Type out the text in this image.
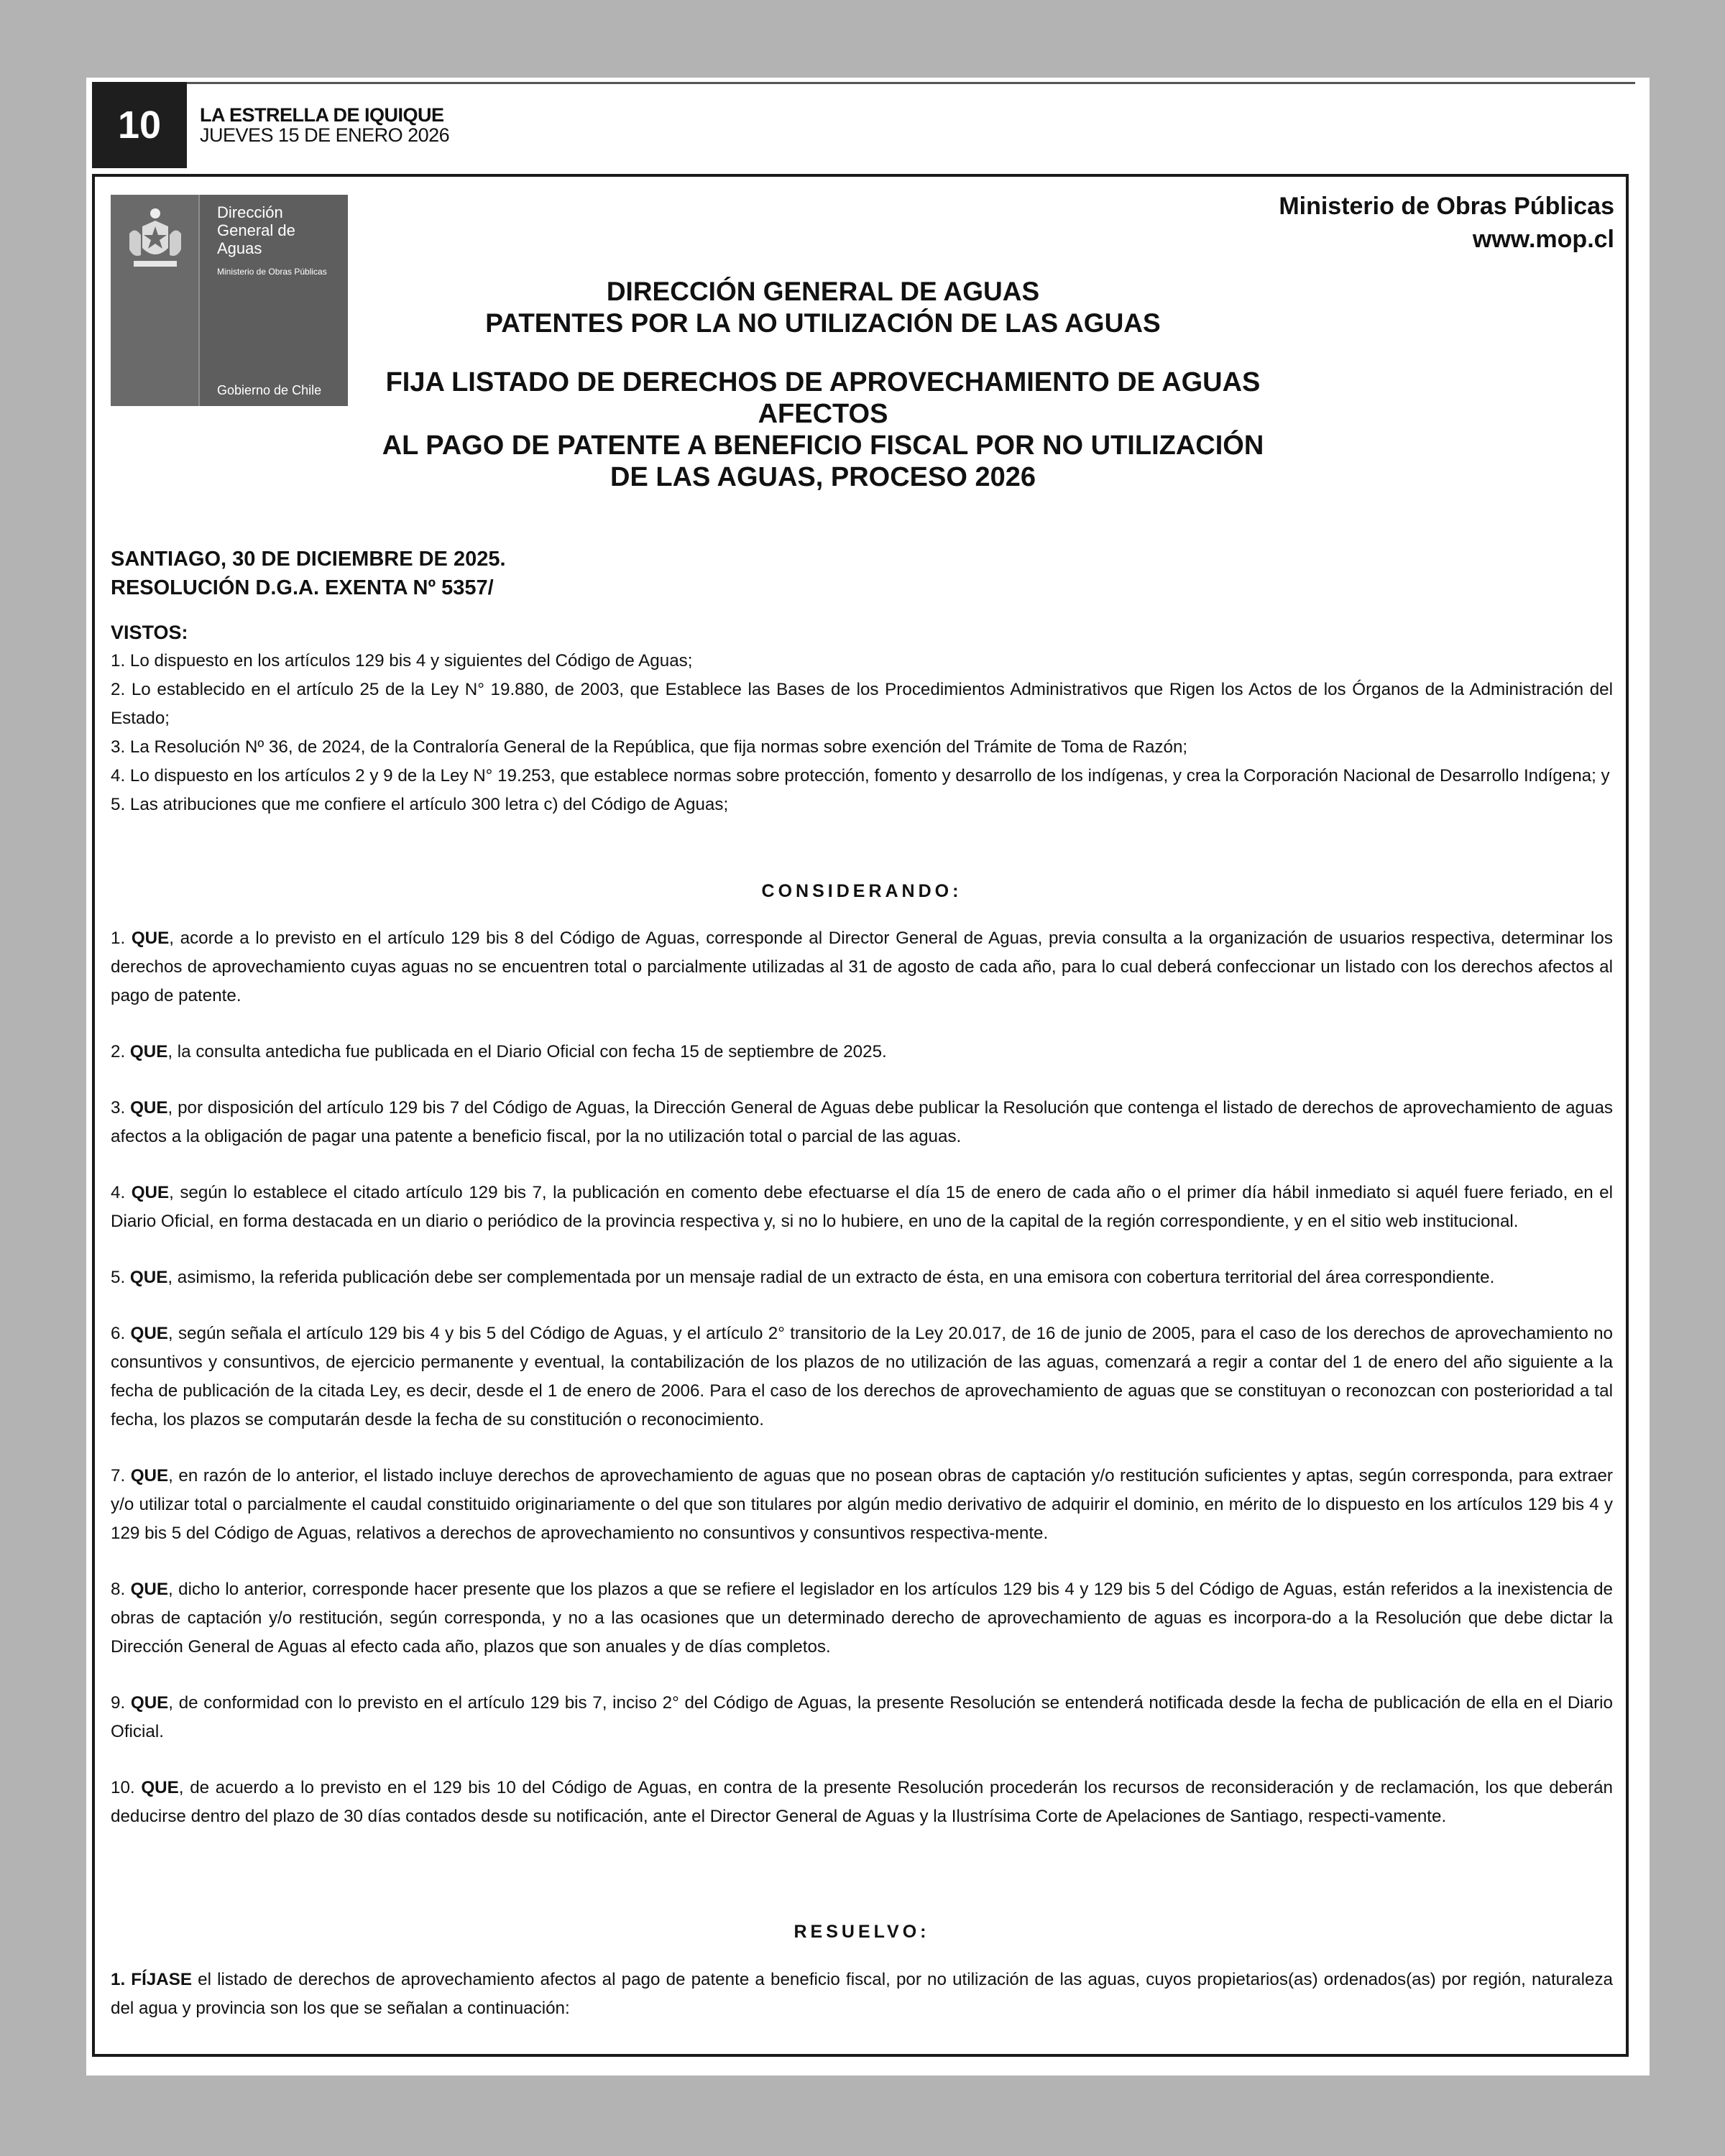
10	LA ESTRELLA DE IQUIQUE
JUEVES 15 DE ENERO 2026
Dirección General de Aguas
Ministerio de Obras Públicas
Gobierno de Chile
Ministerio de Obras Públicas
www.mop.cl
DIRECCIÓN GENERAL DE AGUAS
PATENTES POR LA NO UTILIZACIÓN DE LAS AGUAS
FIJA LISTADO DE DERECHOS DE APROVECHAMIENTO DE AGUAS AFECTOS
AL PAGO DE PATENTE A BENEFICIO FISCAL POR NO UTILIZACIÓN
DE LAS AGUAS, PROCESO 2026
SANTIAGO, 30 DE DICIEMBRE DE 2025.
RESOLUCIÓN D.G.A. EXENTA Nº 5357/
VISTOS:
1. Lo dispuesto en los artículos 129 bis 4 y siguientes del Código de Aguas;
2. Lo establecido en el artículo 25 de la Ley N° 19.880, de 2003, que Establece las Bases de los Procedimientos Administrativos que Rigen los Actos de los Órganos de la Administración del Estado;
3. La Resolución Nº 36, de 2024, de la Contraloría General de la República, que fija normas sobre exención del Trámite de Toma de Razón;
4. Lo dispuesto en los artículos 2 y 9 de la Ley N° 19.253, que establece normas sobre protección, fomento y desarrollo de los indígenas, y crea la Corporación Nacional de Desarrollo Indígena; y
5. Las atribuciones que me confiere el artículo 300 letra c) del Código de Aguas;
CONSIDERANDO:

1. QUE, acorde a lo previsto en el artículo 129 bis 8 del Código de Aguas, corresponde al Director General de Aguas, previa consulta a la organización de usuarios respectiva, determinar los derechos de aprovechamiento cuyas aguas no se encuentren total o parcialmente utilizadas al 31 de agosto de cada año, para lo cual deberá confeccionar un listado con los derechos afectos al pago de patente.

2. QUE, la consulta antedicha fue publicada en el Diario Oficial con fecha 15 de septiembre de 2025.

3. QUE, por disposición del artículo 129 bis 7 del Código de Aguas, la Dirección General de Aguas debe publicar la Resolución que contenga el listado de derechos de aprovechamiento de aguas afectos a la obligación de pagar una patente a beneficio fiscal, por la no utilización total o parcial de las aguas.

4. QUE, según lo establece el citado artículo 129 bis 7, la publicación en comento debe efectuarse el día 15 de enero de cada año o el primer día hábil inmediato si aquél fuere feriado, en el Diario Oficial, en forma destacada en un diario o periódico de la provincia respectiva y, si no lo hubiere, en uno de la capital de la región correspondiente, y en el sitio web institucional.

5. QUE, asimismo, la referida publicación debe ser complementada por un mensaje radial de un extracto de ésta, en una emisora con cobertura territorial del área correspondiente.

6. QUE, según señala el artículo 129 bis 4 y bis 5 del Código de Aguas, y el artículo 2° transitorio de la Ley 20.017, de 16 de junio de 2005, para el caso de los derechos de aprovechamiento no consuntivos y consuntivos, de ejercicio permanente y eventual, la contabilización de los plazos de no utilización de las aguas, comenzará a regir a contar del 1 de enero del año siguiente a la fecha de publicación de la citada Ley, es decir, desde el 1 de enero de 2006. Para el caso de los derechos de aprovechamiento de aguas que se constituyan o reconozcan con posterioridad a tal fecha, los plazos se computarán desde la fecha de su constitución o reconocimiento.

7. QUE, en razón de lo anterior, el listado incluye derechos de aprovechamiento de aguas que no posean obras de captación y/o restitución suficientes y aptas, según corresponda, para extraer y/o utilizar total o parcialmente el caudal constituido originariamente o del que son titulares por algún medio derivativo de adquirir el dominio, en mérito de lo dispuesto en los artículos 129 bis 4 y 129 bis 5 del Código de Aguas, relativos a derechos de aprovechamiento no consuntivos y consuntivos respectiva-mente.

8. QUE, dicho lo anterior, corresponde hacer presente que los plazos a que se refiere el legislador en los artículos 129 bis 4 y 129 bis 5 del Código de Aguas, están referidos a la inexistencia de obras de captación y/o restitución, según corresponda, y no a las ocasiones que un determinado derecho de aprovechamiento de aguas es incorpora-do a la Resolución que debe dictar la Dirección General de Aguas al efecto cada año, plazos que son anuales y de días completos.

9. QUE, de conformidad con lo previsto en el artículo 129 bis 7, inciso 2° del Código de Aguas, la presente Resolución se entenderá notificada desde la fecha de publicación de ella en el Diario Oficial.

10. QUE, de acuerdo a lo previsto en el 129 bis 10 del Código de Aguas, en contra de la presente Resolución procederán los recursos de reconsideración y de reclamación, los que deberán deducirse dentro del plazo de 30 días contados desde su notificación, ante el Director General de Aguas y la Ilustrísima Corte de Apelaciones de Santiago, respecti-vamente.

RESUELVO:
1. FÍJASE el listado de derechos de aprovechamiento afectos al pago de patente a beneficio fiscal, por no utilización de las aguas, cuyos propietarios(as) ordenados(as) por región, naturaleza del agua y provincia son los que se señalan a continuación:
